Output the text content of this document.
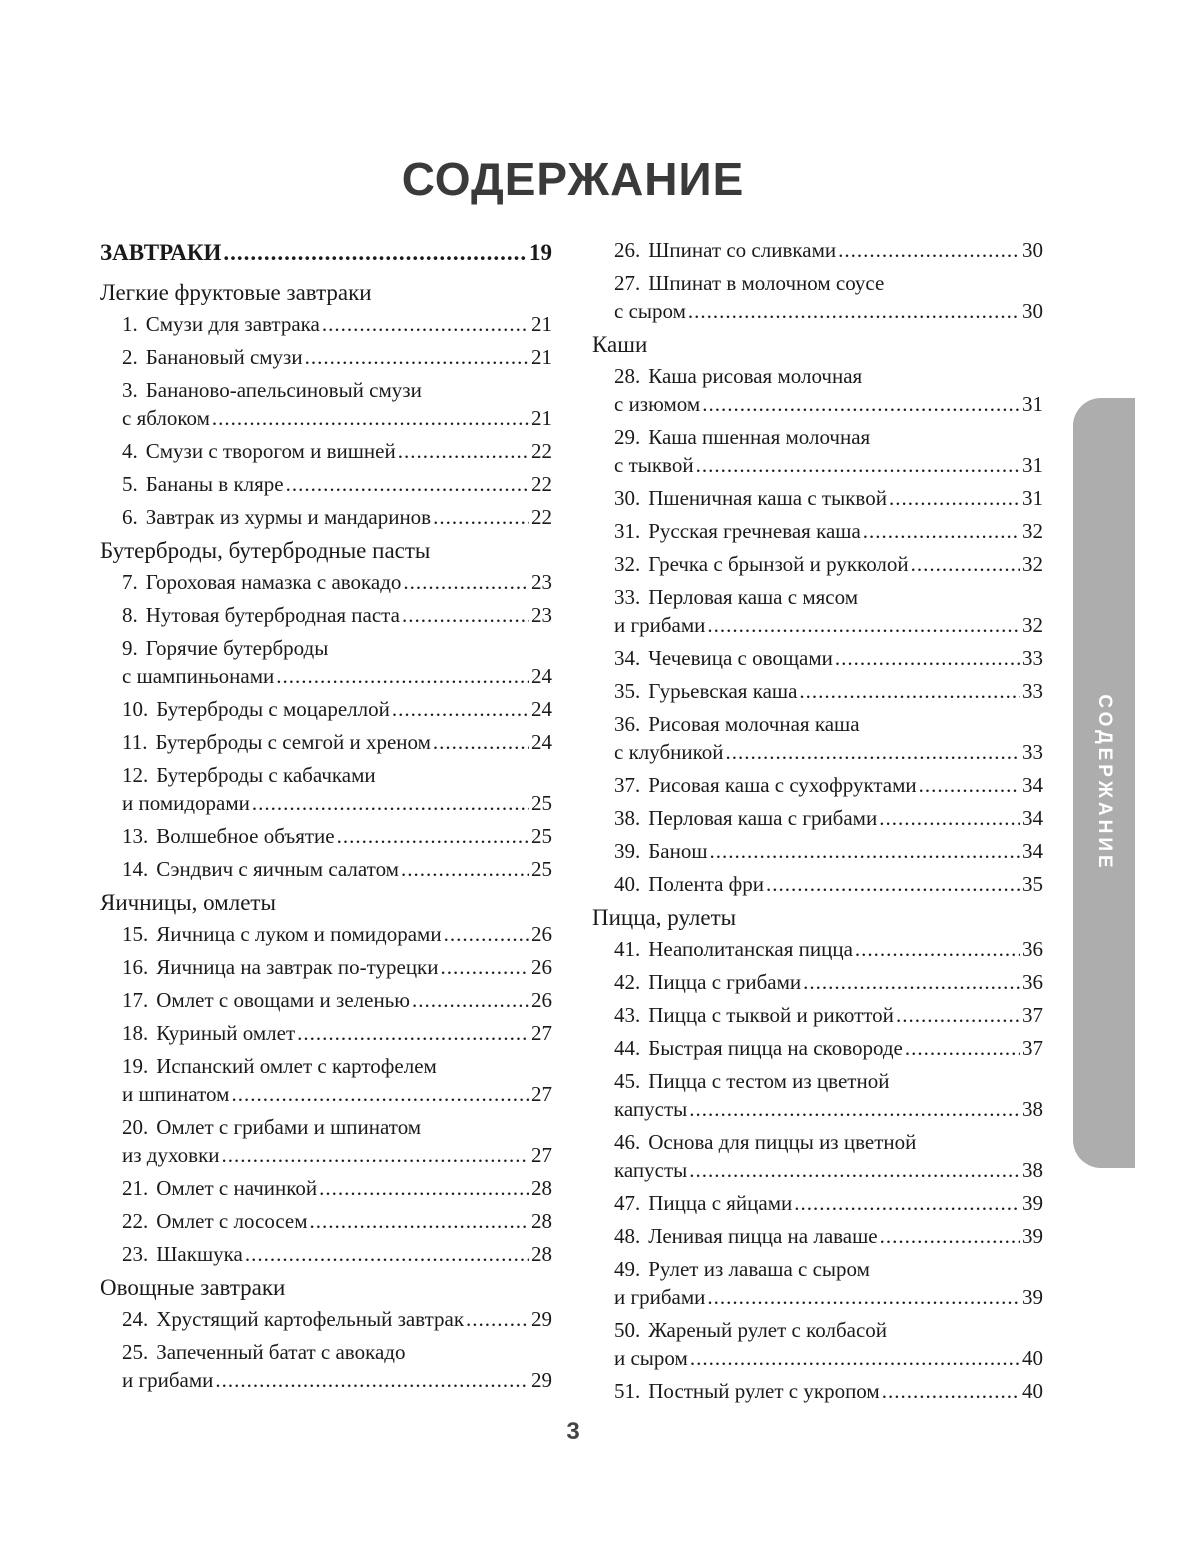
СОДЕРЖАНИЕ
ЗАВТРАКИ .....	19
Легкие фруктовые завтраки
1. Смузи для завтрака .....	21
2. Банановый смузи .....	21
3. Бананово-апельсиновый смузи
с яблоком .....	21
4. Смузи с творогом и вишней .....	22
5. Бананы в кляре .....	22
6. Завтрак из хурмы и мандаринов .....	22
Бутерброды, бутербродные пасты
7. Гороховая намазка с авокадо .....	23
8. Нутовая бутербродная паста .....	23
9. Горячие бутерброды
с шампиньонами .....	24
10. Бутерброды с моцареллой .....	24
11. Бутерброды с семгой и хреном .....	24
12. Бутерброды с кабачками
и помидорами .....	25
13. Волшебное объятие .....	25
14. Сэндвич с яичным салатом .....	25
Яичницы, омлеты
15. Яичница с луком и помидорами .....	26
16. Яичница на завтрак по-турецки .....	26
17. Омлет с овощами и зеленью .....	26
18. Куриный омлет .....	27
19. Испанский омлет с картофелем
и шпинатом .....	27
20. Омлет с грибами и шпинатом
из духовки .....	27
21. Омлет с начинкой .....	28
22. Омлет с лососем .....	28
23. Шакшука .....	28
Овощные завтраки
24. Хрустящий картофельный завтрак .....	29
25. Запеченный батат с авокадо
и грибами .....	29
26. Шпинат со сливками .....	30
27. Шпинат в молочном соусе
с сыром .....	30
Каши
28. Каша рисовая молочная
с изюмом .....	31
29. Каша пшенная молочная
с тыквой .....	31
30. Пшеничная каша с тыквой .....	31
31. Русская гречневая каша .....	32
32. Гречка с брынзой и рукколой .....	32
33. Перловая каша с мясом
и грибами .....	32
34. Чечевица с овощами .....	33
35. Гурьевская каша .....	33
36. Рисовая молочная каша
с клубникой .....	33
37. Рисовая каша с сухофруктами .....	34
38. Перловая каша с грибами .....	34
39. Банош .....	34
40. Полента фри .....	35
Пицца, рулеты
41. Неаполитанская пицца .....	36
42. Пицца с грибами .....	36
43. Пицца с тыквой и рикоттой .....	37
44. Быстрая пицца на сковороде .....	37
45. Пицца с тестом из цветной
капусты .....	38
46. Основа для пиццы из цветной
капусты .....	38
47. Пицца с яйцами .....	39
48. Ленивая пицца на лаваше .....	39
49. Рулет из лаваша с сыром
и грибами .....	39
50. Жареный рулет с колбасой
и сыром .....	40
51. Постный рулет с укропом .....	40
СОДЕРЖАНИЕ
3
